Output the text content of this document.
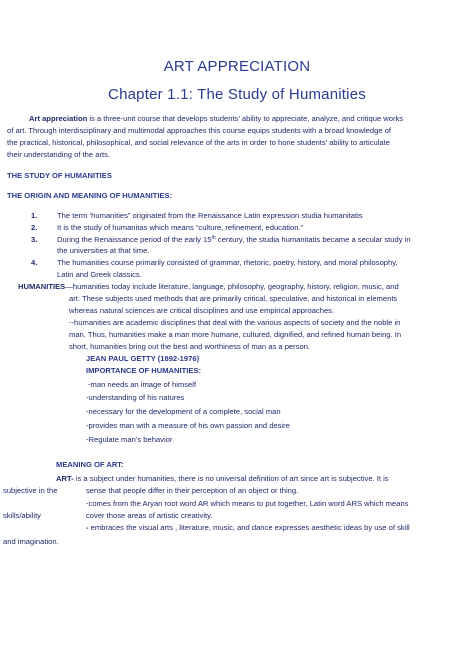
ART APPRECIATION
Chapter 1.1: The Study of Humanities
Art appreciation is a three-unit course that develops students’ ability to appreciate, analyze, and critique works
of art. Through interdisciplinary and multimodal approaches this course equips students with a broad knowledge of
the practical, historical, philosophical, and social relevance of the arts in order to hone students’ ability to articulate
their understanding of the arts.
THE STUDY OF HUMANITIES
THE ORIGIN AND MEANING OF HUMANITIES:
1.	The term ‘humanities” originated from the Renaissance Latin expression studia humanitatis
2.	It is the study of humanitas which means “culture, refinement, education.”
3.	During the Renaissance period of the early 15th century, the studia humanitatis became a secular study in
the universities at that time.
4.	The humanities course primarily consisted of grammar, rhetoric, poetry, history, and moral philosophy,
Latin and Greek classics.
HUMANITIES—humanities today include literature, language, philosophy, geography, history, religion, music, and
art. These subjects used methods that are primarily critical, speculative, and historical in elements
whereas natural sciences are critical disciplines and use empirical approaches.
--humanities are academic disciplines that deal with the various aspects of society and the noble in
man. Thus, humanities make a man more humane, cultured, dignified, and refined human being. In
short, humanities bring out the best and worthiness of man as a person.
JEAN PAUL GETTY (1892-1976)
IMPORTANCE OF HUMANITIES:
-man needs an image of himself
-understanding of his natures
-necessary for the development of a complete, social man
-provides man with a measure of his own passion and desire
-Regulate man’s behavior
MEANING OF ART:
ART- is a subject under humanities, there is no universal definition of art since art is subjective. It is
subjective in the	sense that people differ in their perception of an object or thing.
-comes from the Aryan root word AR which means to put together, Latin word ARS which means
skills/ability	cover those areas of artistic creativity.
- embraces the visual arts , literature, music, and dance expresses aesthetic ideas by use of skill
and imagination.
